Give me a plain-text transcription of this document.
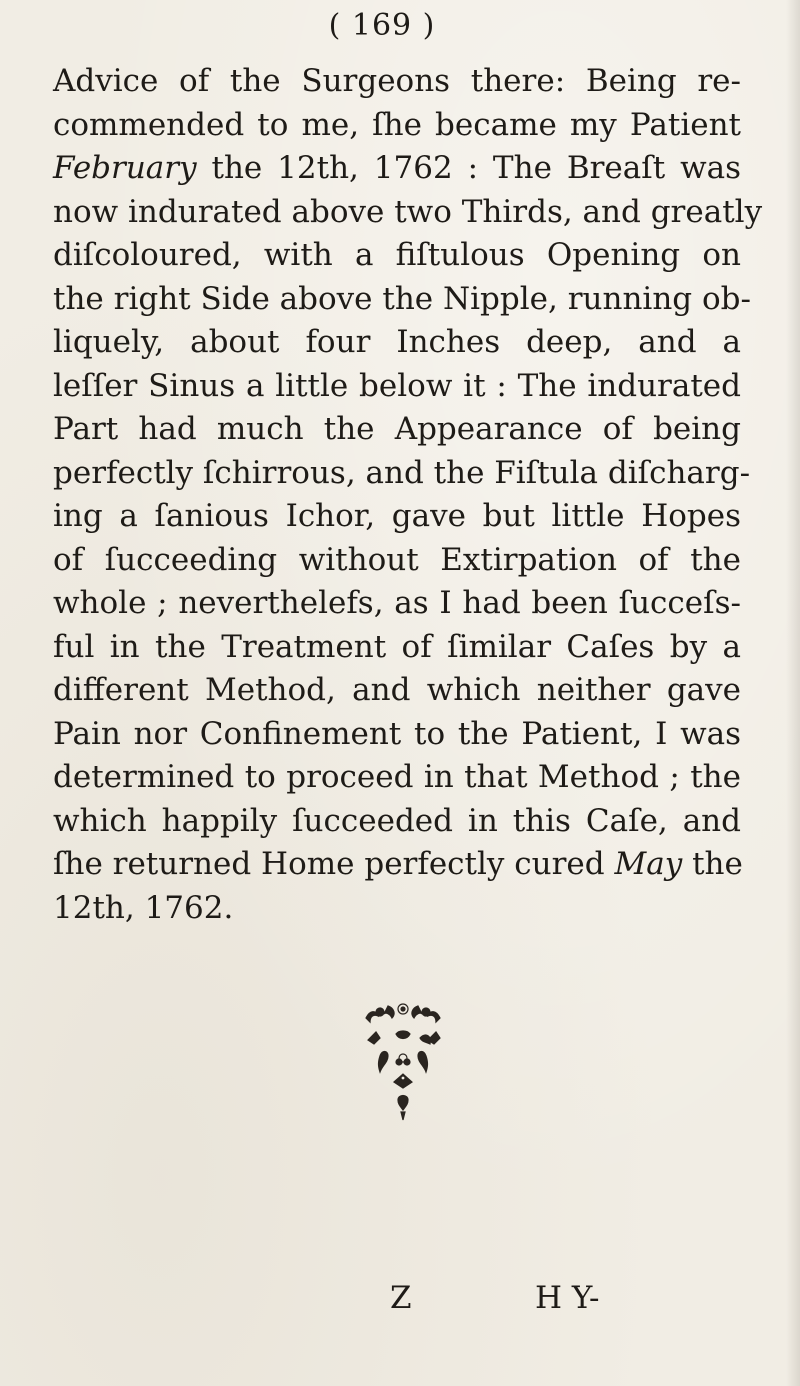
( 169 )
Advice of the Surgeons there: Being re-
commended to me, ſhe became my Patient
February the 12th, 1762 : The Breaſt was
now indurated above two Thirds, and greatly
diſcoloured, with a fiſtulous Opening on
the right Side above the Nipple, running ob-
liquely, about four Inches deep, and a
leſſer Sinus a little below it : The indurated
Part had much the Appearance of being
perfectly ſchirrous, and the Fiſtula diſcharg-
ing a ſanious Ichor, gave but little Hopes
of ſucceeding without Extirpation of the
whole ; neverthelefs, as I had been ſucceſs-
ful in the Treatment of ſimilar Caſes by a
different Method, and which neither gave
Pain nor Confinement to the Patient, I was
determined to proceed in that Method ; the
which happily ſucceeded in this Caſe, and
ſhe returned Home perfectly cured May the
12th, 1762.
Z	H Y-
